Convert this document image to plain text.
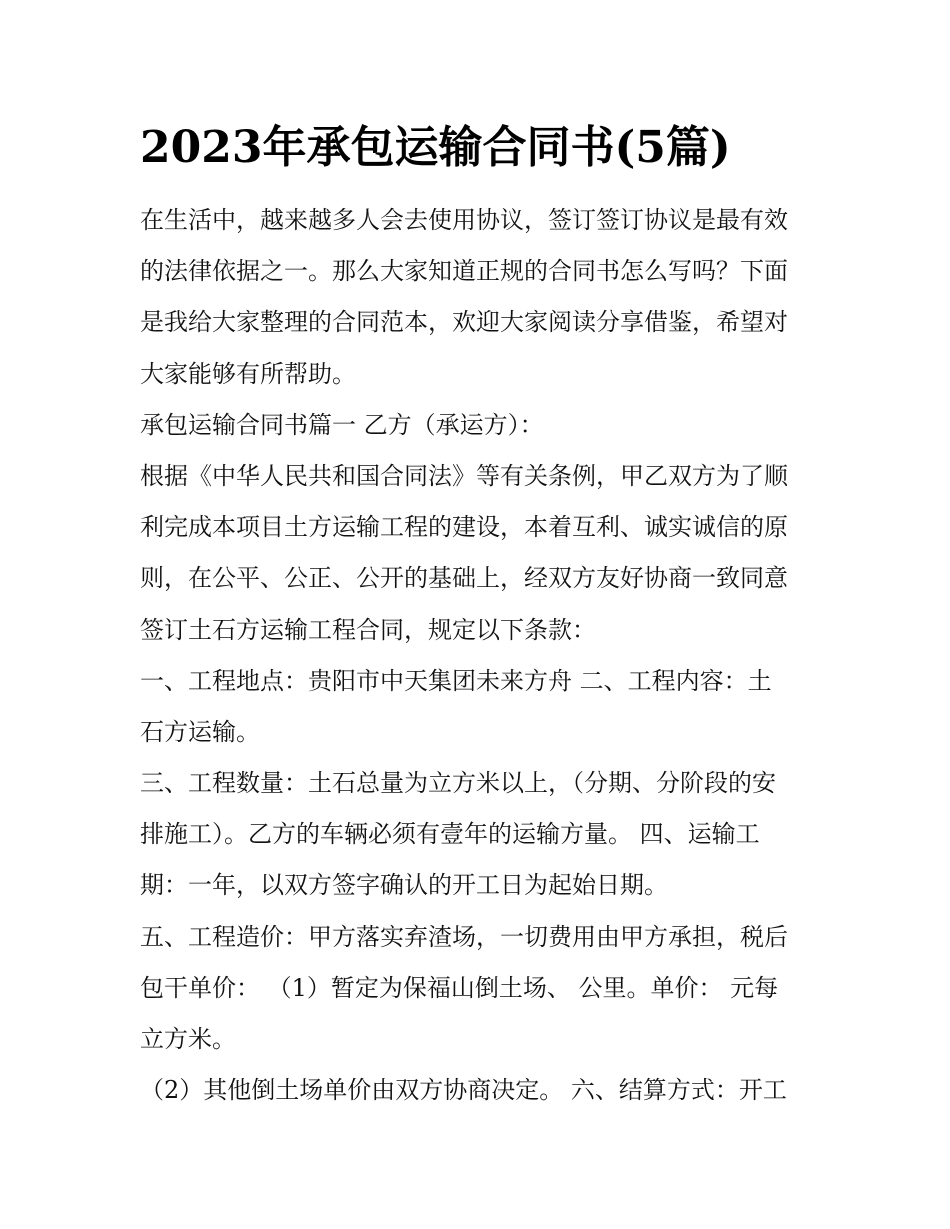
2023年承包运输合同书(5篇)
在生活中，越来越多人会去使用协议，签订签订协议是最有效
的法律依据之一。那么大家知道正规的合同书怎么写吗？下面
是我给大家整理的合同范本，欢迎大家阅读分享借鉴，希望对
大家能够有所帮助。
承包运输合同书篇一 乙方（承运方）：
根据《中华人民共和国合同法》等有关条例，甲乙双方为了顺
利完成本项目土方运输工程的建设，本着互利、诚实诚信的原
则，在公平、公正、公开的基础上，经双方友好协商一致同意
签订土石方运输工程合同，规定以下条款：
一、工程地点：贵阳市中天集团未来方舟 二、工程内容：土
石方运输。
三、工程数量：土石总量为立方米以上，（分期、分阶段的安
排施工）。乙方的车辆必须有壹年的运输方量。 四、运输工
期：一年，以双方签字确认的开工日为起始日期。
五、工程造价：甲方落实弃渣场，一切费用由甲方承担，税后
包干单价： （1）暂定为保福山倒土场、 公里。单价： 元每
立方米。
（2）其他倒土场单价由双方协商决定。 六、结算方式：开工
